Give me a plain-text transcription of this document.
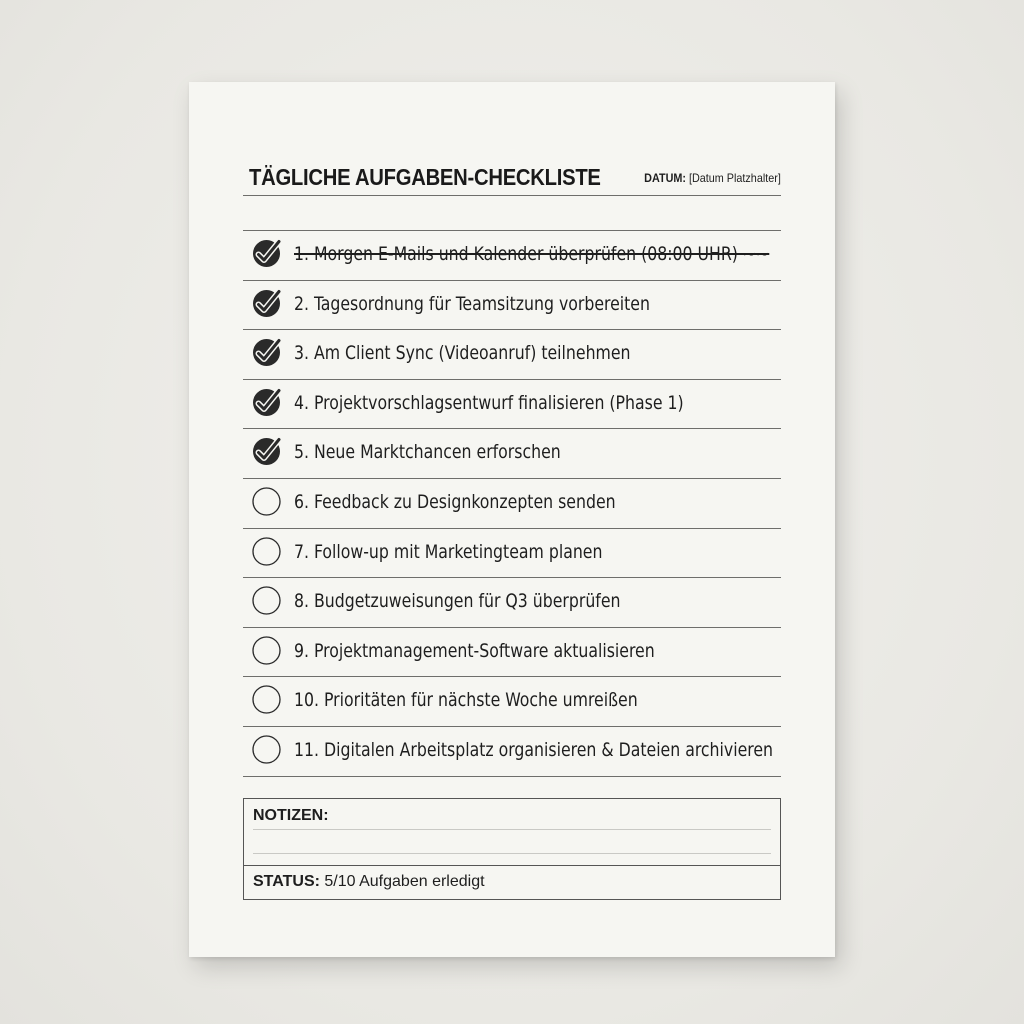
TÄGLICHE AUFGABEN-CHECKLISTE	DATUM: [Datum Platzhalter]
1. Morgen E-Mails und Kalender überprüfen (08:00 UHR) ~~
2. Tagesordnung für Teamsitzung vorbereiten
3. Am Client Sync (Videoanruf) teilnehmen
4. Projektvorschlagsentwurf finalisieren (Phase 1)
5. Neue Marktchancen erforschen
6. Feedback zu Designkonzepten senden
7. Follow-up mit Marketingteam planen
8. Budgetzuweisungen für Q3 überprüfen
9. Projektmanagement-Software aktualisieren
10. Prioritäten für nächste Woche umreißen
11. Digitalen Arbeitsplatz organisieren & Dateien archivieren
NOTIZEN:
STATUS: 5/10 Aufgaben erledigt
